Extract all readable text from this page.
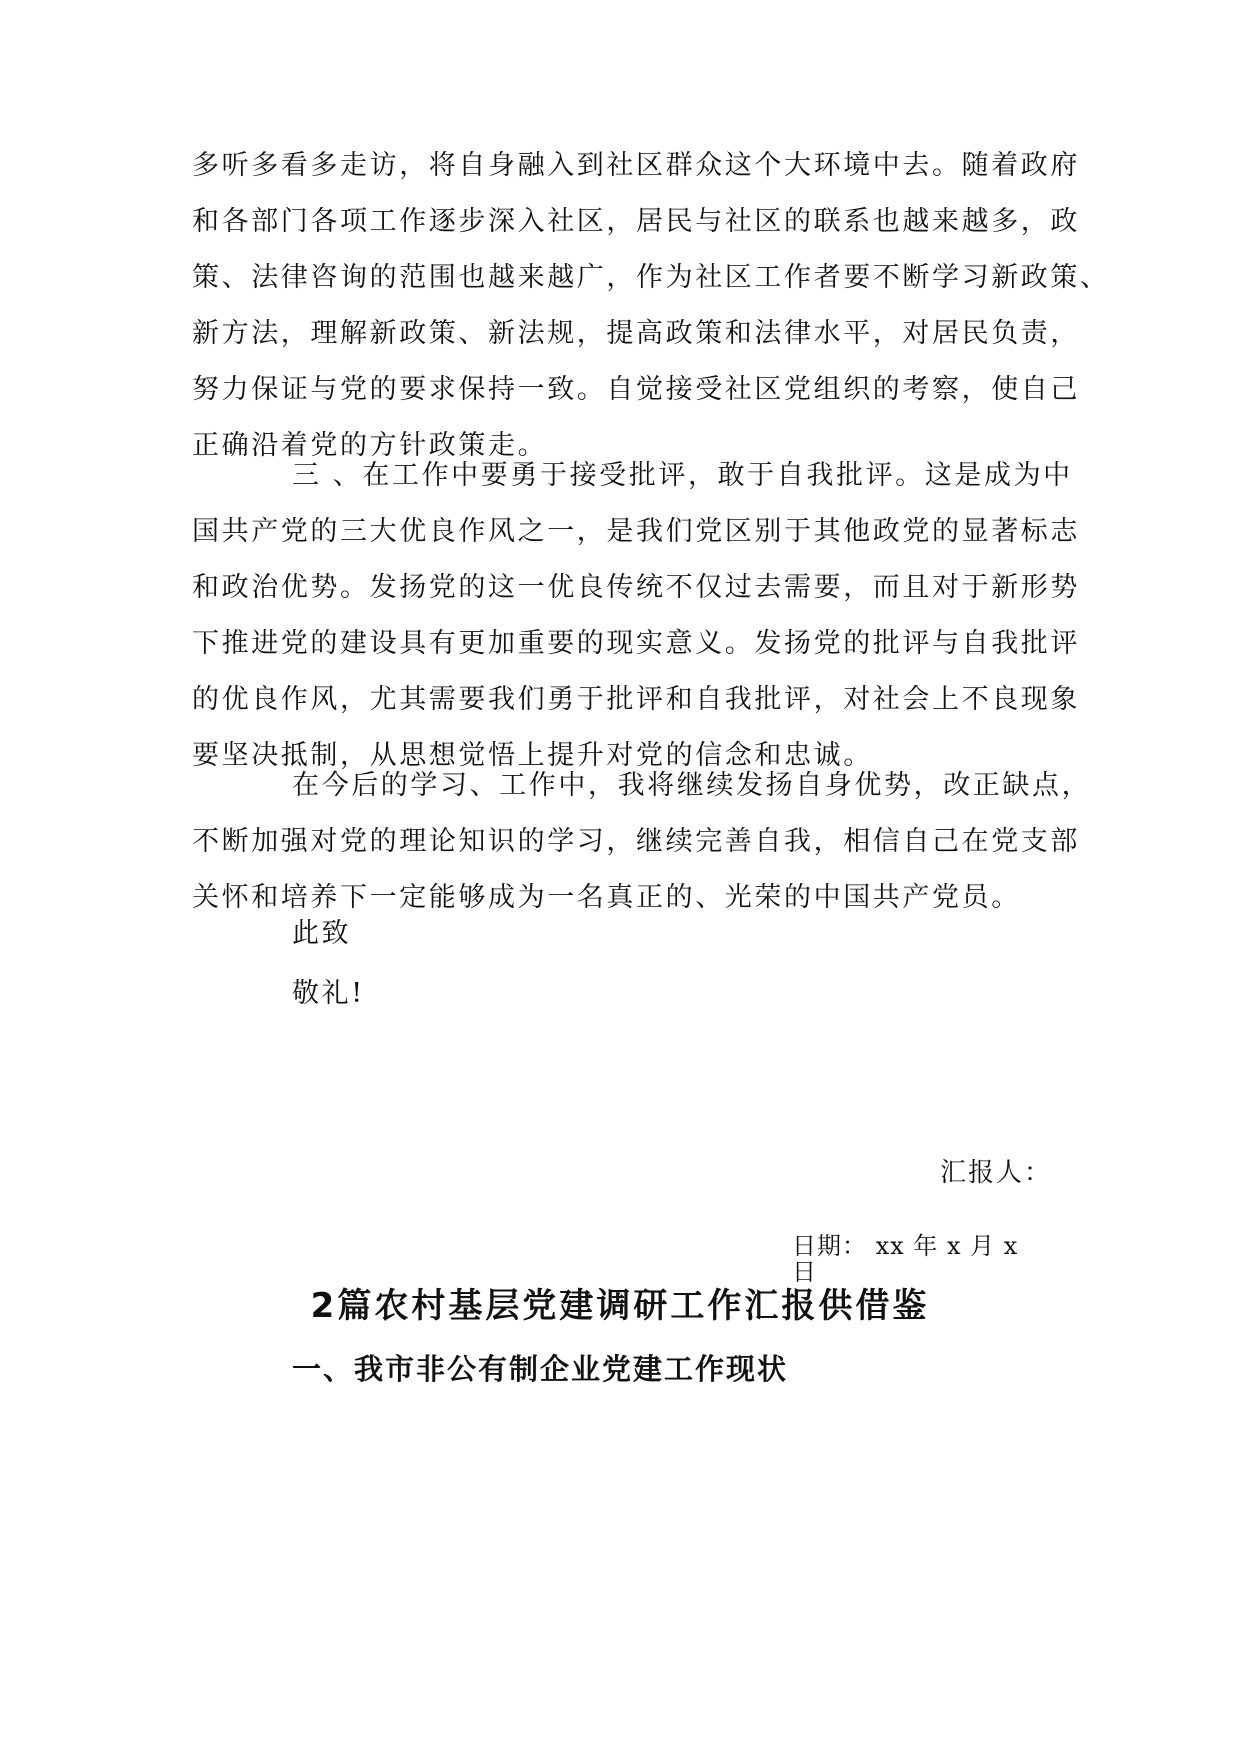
多听多看多走访，将自身融入到社区群众这个大环境中去。随着政府
和各部门各项工作逐步深入社区，居民与社区的联系也越来越多，政
策、法律咨询的范围也越来越广，作为社区工作者要不断学习新政策、
新方法，理解新政策、新法规，提高政策和法律水平，对居民负责，
努力保证与党的要求保持一致。自觉接受社区党组织的考察，使自己
正确沿着党的方针政策走。
三 、在工作中要勇于接受批评，敢于自我批评。这是成为中
国共产党的三大优良作风之一，是我们党区别于其他政党的显著标志
和政治优势。发扬党的这一优良传统不仅过去需要，而且对于新形势
下推进党的建设具有更加重要的现实意义。发扬党的批评与自我批评
的优良作风，尤其需要我们勇于批评和自我批评，对社会上不良现象
要坚决抵制，从思想觉悟上提升对党的信念和忠诚。
在今后的学习、工作中，我将继续发扬自身优势，改正缺点，
不断加强对党的理论知识的学习，继续完善自我，相信自己在党支部
关怀和培养下一定能够成为一名真正的、光荣的中国共产党员。
此致
敬礼!
汇报人：
日期： xx 年 x 月 x
日
2篇农村基层党建调研工作汇报供借鉴
一、我市非公有制企业党建工作现状
